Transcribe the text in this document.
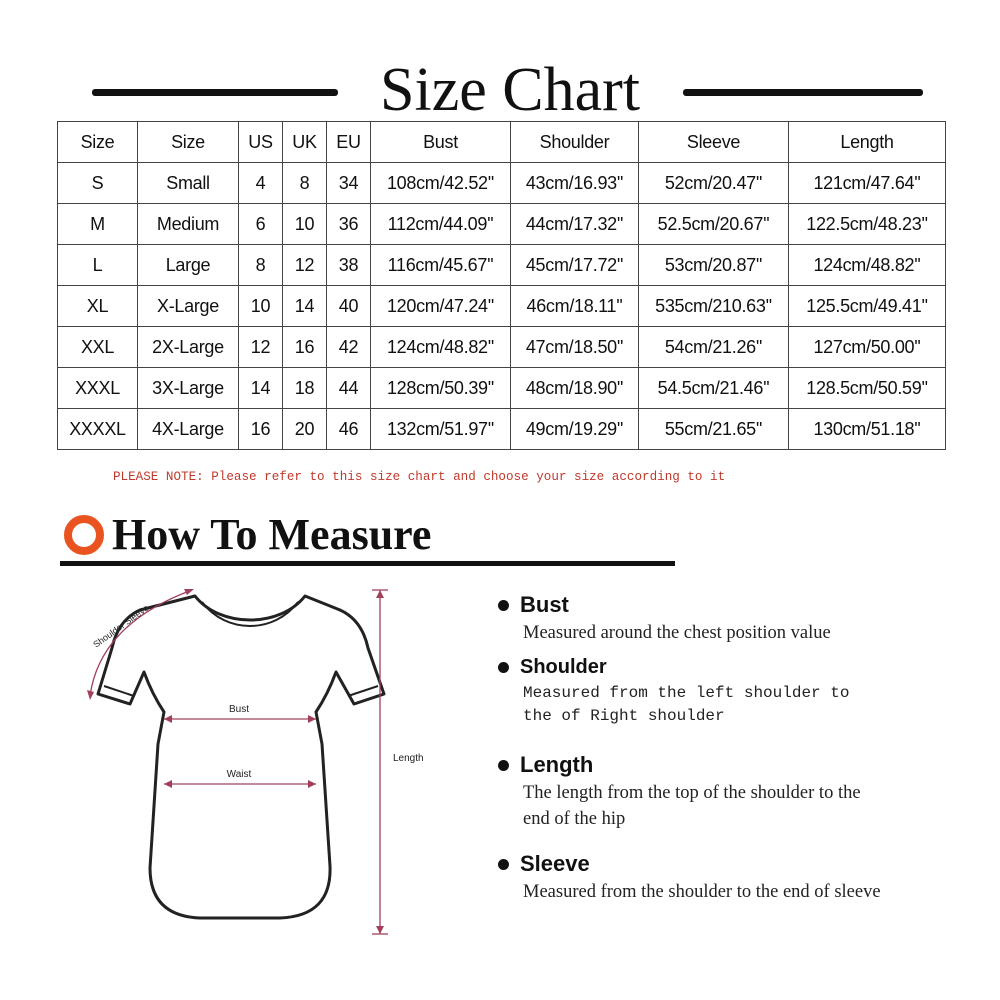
Size Chart
Size	Size	US	UK	EU	Bust	Shoulder	Sleeve	Length
S	Small	4	8	34	108cm/42.52''	43cm/16.93''	52cm/20.47''	121cm/47.64''
M	Medium	6	10	36	112cm/44.09''	44cm/17.32''	52.5cm/20.67''	122.5cm/48.23''
L	Large	8	12	38	116cm/45.67''	45cm/17.72''	53cm/20.87''	124cm/48.82''
XL	X-Large	10	14	40	120cm/47.24''	46cm/18.11''	535cm/210.63''	125.5cm/49.41''
XXL	2X-Large	12	16	42	124cm/48.82''	47cm/18.50''	54cm/21.26''	127cm/50.00''
XXXL	3X-Large	14	18	44	128cm/50.39''	48cm/18.90''	54.5cm/21.46''	128.5cm/50.59''
XXXXL	4X-Large	16	20	46	132cm/51.97''	49cm/19.29''	55cm/21.65''	130cm/51.18''
PLEASE NOTE: Please refer to this size chart and choose your size according to it
How To Measure
Shoulder Sleeve
Bust
Waist
Length
Bust
Measured around the chest position value
Shoulder
Measured from the left shoulder to the of Right shoulder
Length
The length from the top of the shoulder to the end of the hip
Sleeve
Measured from the shoulder to the end of sleeve
